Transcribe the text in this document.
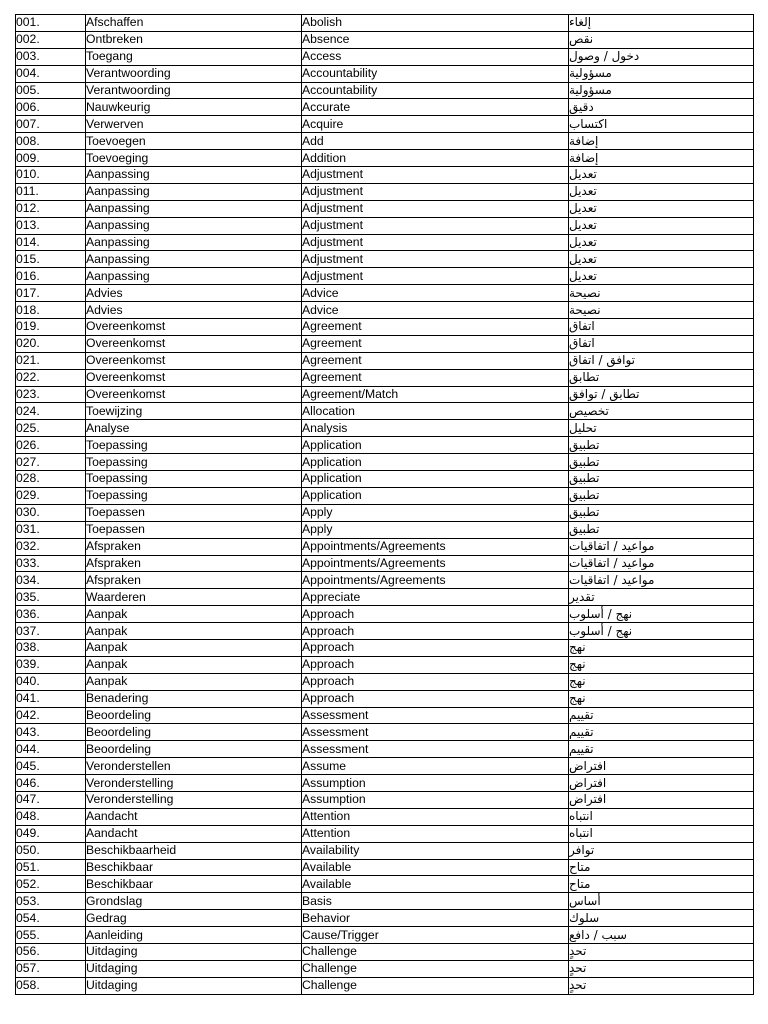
001.	Afschaffen	Abolish	إلغاء
002.	Ontbreken	Absence	نقص
003.	Toegang	Access	دخول / وصول
004.	Verantwoording	Accountability	مسؤولية
005.	Verantwoording	Accountability	مسؤولية
006.	Nauwkeurig	Accurate	دقيق
007.	Verwerven	Acquire	اكتساب
008.	Toevoegen	Add	إضافة
009.	Toevoeging	Addition	إضافة
010.	Aanpassing	Adjustment	تعديل
011.	Aanpassing	Adjustment	تعديل
012.	Aanpassing	Adjustment	تعديل
013.	Aanpassing	Adjustment	تعديل
014.	Aanpassing	Adjustment	تعديل
015.	Aanpassing	Adjustment	تعديل
016.	Aanpassing	Adjustment	تعديل
017.	Advies	Advice	نصيحة
018.	Advies	Advice	نصيحة
019.	Overeenkomst	Agreement	اتفاق
020.	Overeenkomst	Agreement	اتفاق
021.	Overeenkomst	Agreement	توافق / اتفاق
022.	Overeenkomst	Agreement	تطابق
023.	Overeenkomst	Agreement/Match	تطابق / توافق
024.	Toewijzing	Allocation	تخصيص
025.	Analyse	Analysis	تحليل
026.	Toepassing	Application	تطبيق
027.	Toepassing	Application	تطبيق
028.	Toepassing	Application	تطبيق
029.	Toepassing	Application	تطبيق
030.	Toepassen	Apply	تطبيق
031.	Toepassen	Apply	تطبيق
032.	Afspraken	Appointments/Agreements	مواعيد / اتفاقيات
033.	Afspraken	Appointments/Agreements	مواعيد / اتفاقيات
034.	Afspraken	Appointments/Agreements	مواعيد / اتفاقيات
035.	Waarderen	Appreciate	تقدير
036.	Aanpak	Approach	نهج / أسلوب
037.	Aanpak	Approach	نهج / أسلوب
038.	Aanpak	Approach	نهج
039.	Aanpak	Approach	نهج
040.	Aanpak	Approach	نهج
041.	Benadering	Approach	نهج
042.	Beoordeling	Assessment	تقييم
043.	Beoordeling	Assessment	تقييم
044.	Beoordeling	Assessment	تقييم
045.	Veronderstellen	Assume	افتراض
046.	Veronderstelling	Assumption	افتراض
047.	Veronderstelling	Assumption	افتراض
048.	Aandacht	Attention	انتباه
049.	Aandacht	Attention	انتباه
050.	Beschikbaarheid	Availability	توافر
051.	Beschikbaar	Available	متاح
052.	Beschikbaar	Available	متاح
053.	Grondslag	Basis	أساس
054.	Gedrag	Behavior	سلوك
055.	Aanleiding	Cause/Trigger	سبب / دافع
056.	Uitdaging	Challenge	تحدٍ
057.	Uitdaging	Challenge	تحدٍ
058.	Uitdaging	Challenge	تحدٍ
